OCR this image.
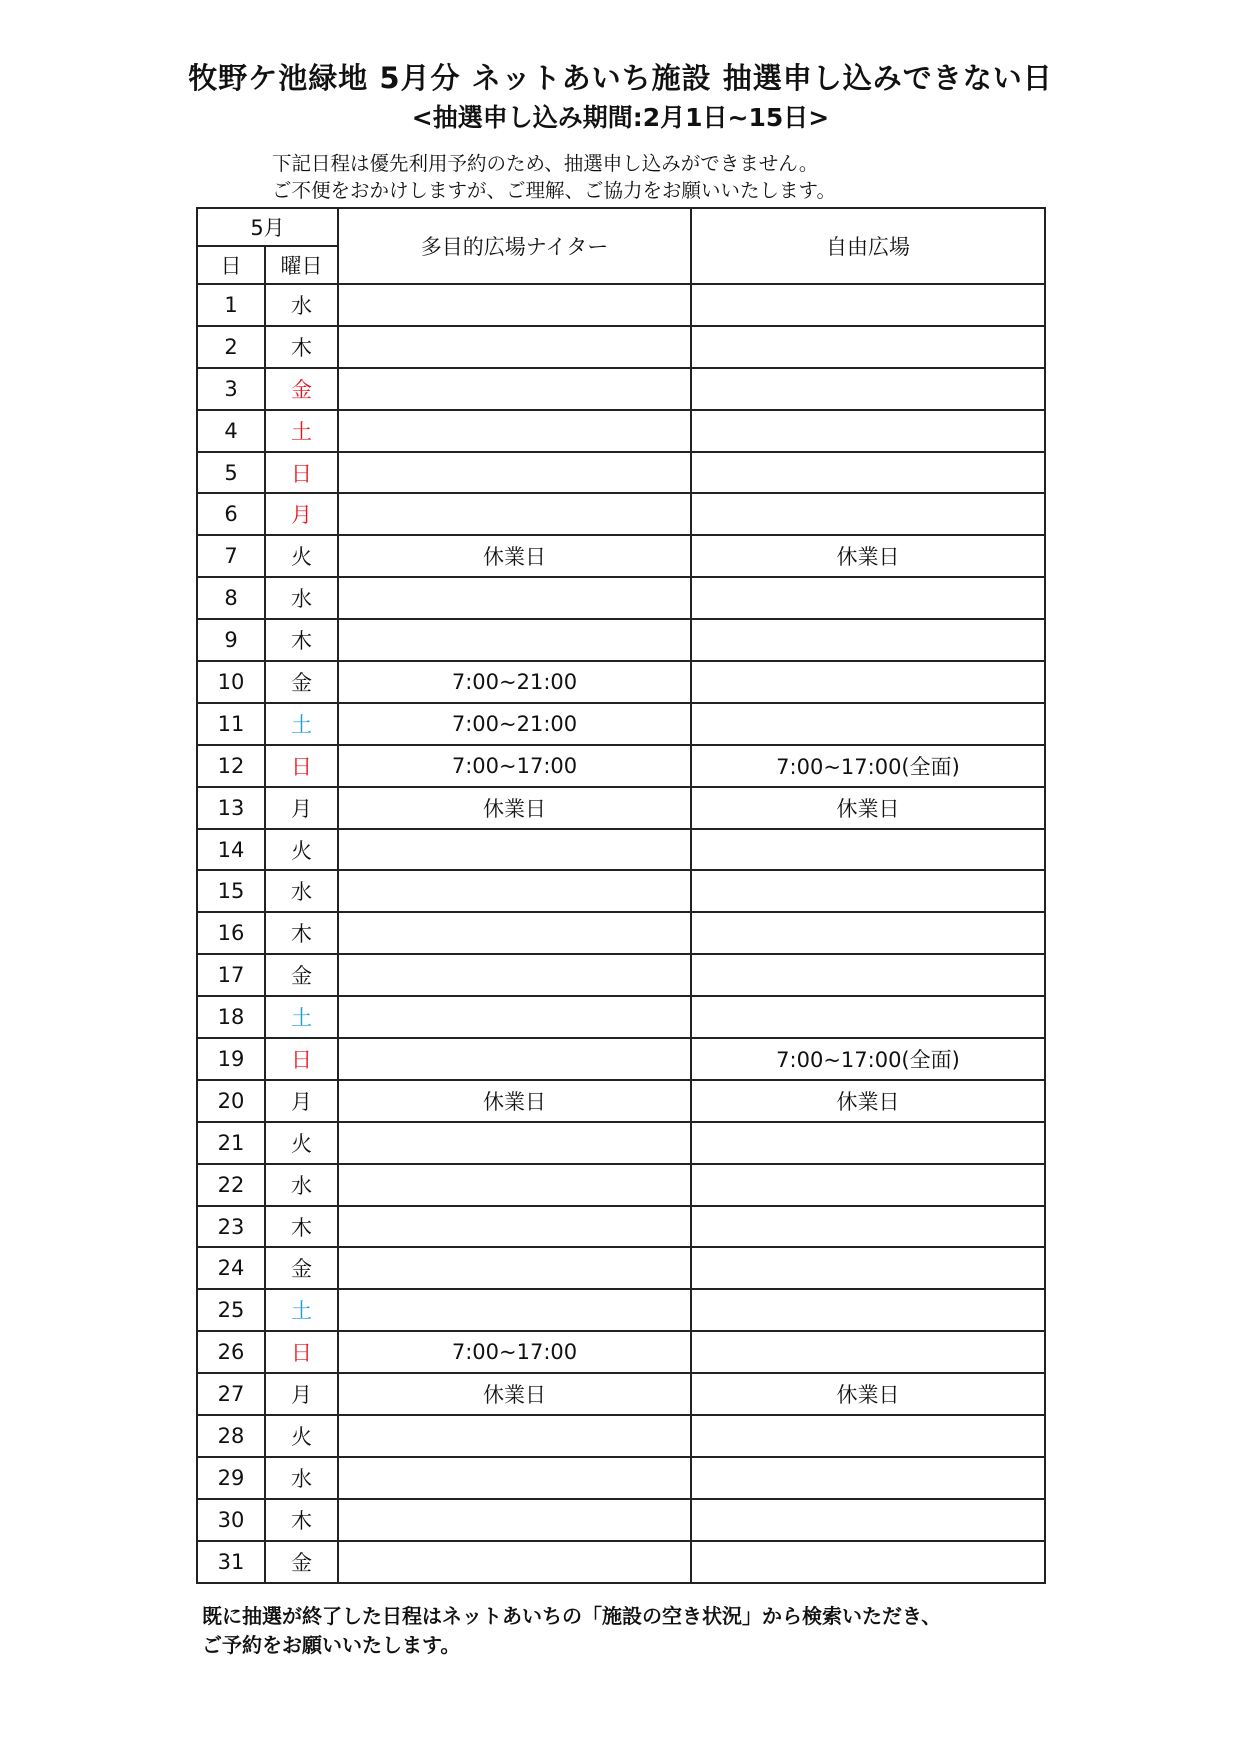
牧野ケ池緑地 5月分 ネットあいち施設 抽選申し込みできない日
<抽選申し込み期間:2月1日~15日>
下記日程は優先利用予約のため、抽選申し込みができません。
ご不便をおかけしますが、ご理解、ご協力をお願いいたします。
5月		多目的広場ナイター	自由広場
日	曜日		
1	水		
2	木		
3	金		
4	土		
5	日		
6	月		
7	火	休業日	休業日
8	水		
9	木		
10	金	7:00~21:00	
11	土	7:00~21:00	
12	日	7:00~17:00	7:00~17:00(全面)
13	月	休業日	休業日
14	火		
15	水		
16	木		
17	金		
18	土		
19	日		7:00~17:00(全面)
20	月	休業日	休業日
21	火		
22	水		
23	木		
24	金		
25	土		
26	日	7:00~17:00	
27	月	休業日	休業日
28	火		
29	水		
30	木		
31	金		
既に抽選が終了した日程はネットあいちの「施設の空き状況」から検索いただき、
ご予約をお願いいたします。
